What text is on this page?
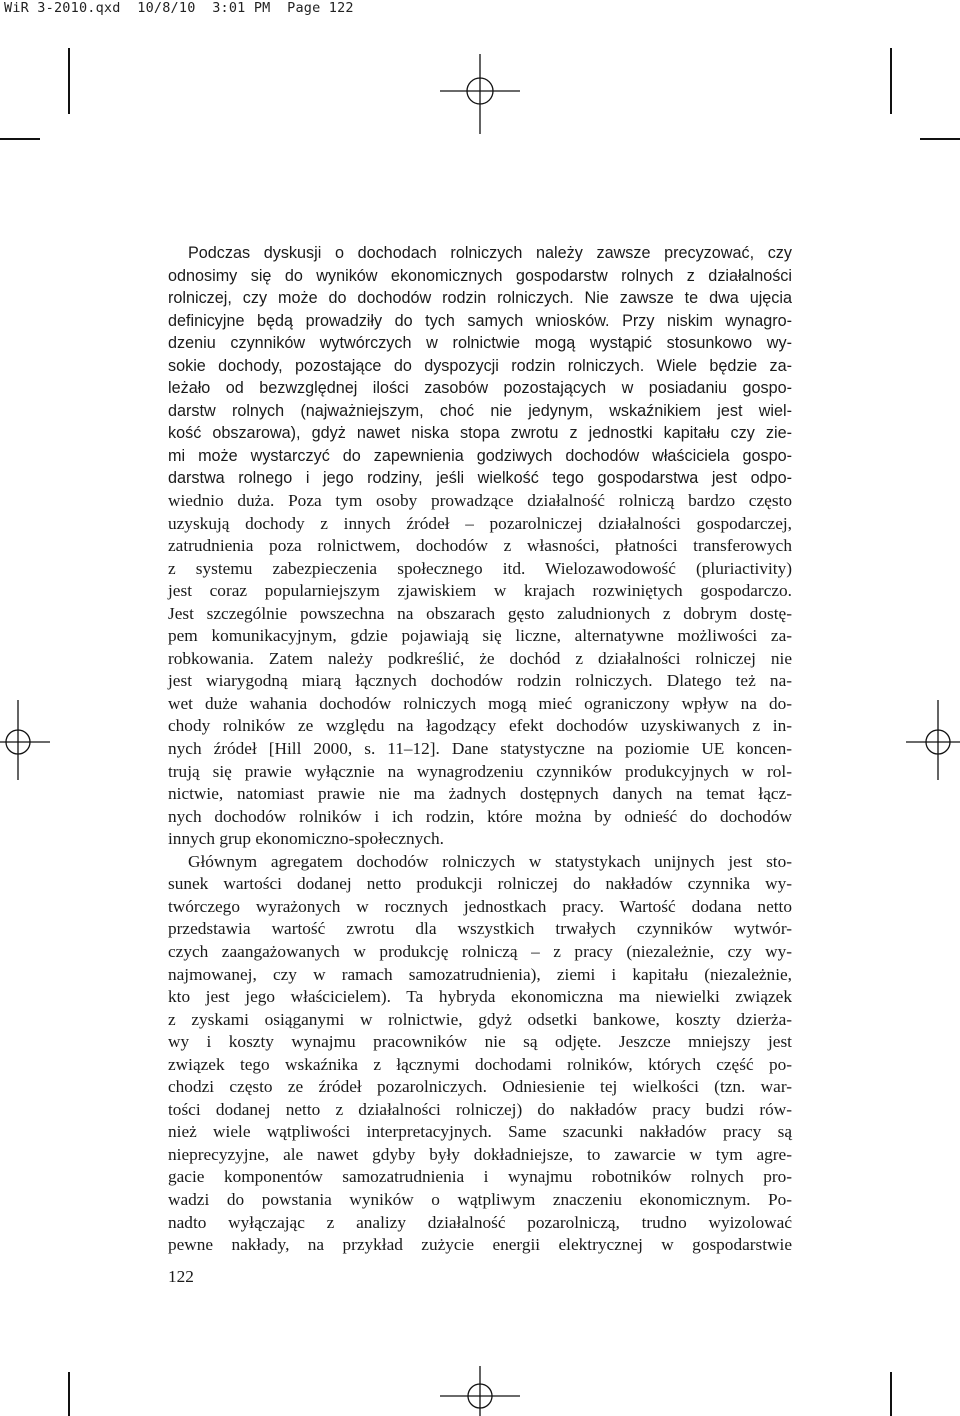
WiR 3-2010.qxd  10/8/10  3:01 PM  Page 122
Podczas dyskusji o dochodach rolniczych należy zawsze precyzować, czy
odnosimy się do wyników ekonomicznych gospodarstw rolnych z działalności
rolniczej, czy może do dochodów rodzin rolniczych. Nie zawsze te dwa ujęcia
definicyjne będą prowadziły do tych samych wniosków. Przy niskim wynagro-
dzeniu czynników wytwórczych w rolnictwie mogą wystąpić stosunkowo wy-
sokie dochody, pozostające do dyspozycji rodzin rolniczych. Wiele będzie za-
leżało od bezwzględnej ilości zasobów pozostających w posiadaniu gospo-
darstw rolnych (najważniejszym, choć nie jedynym, wskaźnikiem jest wiel-
kość obszarowa), gdyż nawet niska stopa zwrotu z jednostki kapitału czy zie-
mi może wystarczyć do zapewnienia godziwych dochodów właściciela gospo-
darstwa rolnego i jego rodziny, jeśli wielkość tego gospodarstwa jest odpo-
wiednio duża. Poza tym osoby prowadzące działalność rolniczą bardzo często
uzyskują dochody z innych źródeł – pozarolniczej działalności gospodarczej,
zatrudnienia poza rolnictwem, dochodów z własności, płatności transferowych
z systemu zabezpieczenia społecznego itd. Wielozawodowość (pluriactivity)
jest coraz popularniejszym zjawiskiem w krajach rozwiniętych gospodarczo.
Jest szczególnie powszechna na obszarach gęsto zaludnionych z dobrym dostę-
pem komunikacyjnym, gdzie pojawiają się liczne, alternatywne możliwości za-
robkowania. Zatem należy podkreślić, że dochód z działalności rolniczej nie
jest wiarygodną miarą łącznych dochodów rodzin rolniczych. Dlatego też na-
wet duże wahania dochodów rolniczych mogą mieć ograniczony wpływ na do-
chody rolników ze względu na łagodzący efekt dochodów uzyskiwanych z in-
nych źródeł [Hill 2000, s. 11–12]. Dane statystyczne na poziomie UE koncen-
trują się prawie wyłącznie na wynagrodzeniu czynników produkcyjnych w rol-
nictwie, natomiast prawie nie ma żadnych dostępnych danych na temat łącz-
nych dochodów rolników i ich rodzin, które można by odnieść do dochodów
innych grup ekonomiczno-społecznych.
Głównym agregatem dochodów rolniczych w statystykach unijnych jest sto-
sunek wartości dodanej netto produkcji rolniczej do nakładów czynnika wy-
twórczego wyrażonych w rocznych jednostkach pracy. Wartość dodana netto
przedstawia wartość zwrotu dla wszystkich trwałych czynników wytwór-
czych zaangażowanych w produkcję rolniczą – z pracy (niezależnie, czy wy-
najmowanej, czy w ramach samozatrudnienia), ziemi i kapitału (niezależnie,
kto jest jego właścicielem). Ta hybryda ekonomiczna ma niewielki związek
z zyskami osiąganymi w rolnictwie, gdyż odsetki bankowe, koszty dzierża-
wy i koszty wynajmu pracowników nie są odjęte. Jeszcze mniejszy jest
związek tego wskaźnika z łącznymi dochodami rolników, których część po-
chodzi często ze źródeł pozarolniczych. Odniesienie tej wielkości (tzn. war-
tości dodanej netto z działalności rolniczej) do nakładów pracy budzi rów-
nież wiele wątpliwości interpretacyjnych. Same szacunki nakładów pracy są
nieprecyzyjne, ale nawet gdyby były dokładniejsze, to zawarcie w tym agre-
gacie komponentów samozatrudnienia i wynajmu robotników rolnych pro-
wadzi do powstania wyników o wątpliwym znaczeniu ekonomicznym. Po-
nadto wyłączając z analizy działalność pozarolniczą, trudno wyizolować
pewne nakłady, na przykład zużycie energii elektrycznej w gospodarstwie
122
